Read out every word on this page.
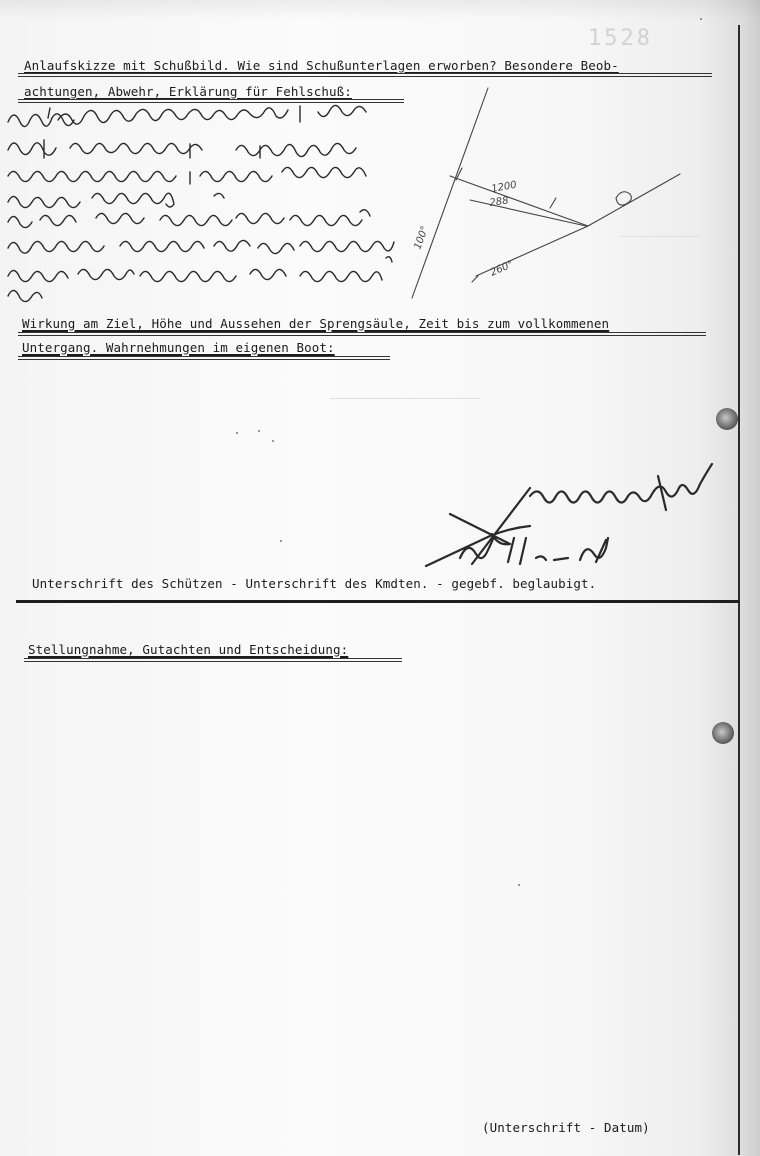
1528
Anlaufskizze mit Schußbild. Wie sind Schußunterlagen erworben? Besondere Beob-
achtungen, Abwehr, Erklärung für Fehlschuß:
1200
288
100°
260°
Wirkung am Ziel, Höhe und Aussehen der Sprengsäule, Zeit bis zum vollkommenen
Untergang. Wahrnehmungen im eigenen Boot:
Unterschrift des Schützen - Unterschrift des Kmdten. - gegebf. beglaubigt.
Stellungnahme, Gutachten und Entscheidung:
(Unterschrift - Datum)
